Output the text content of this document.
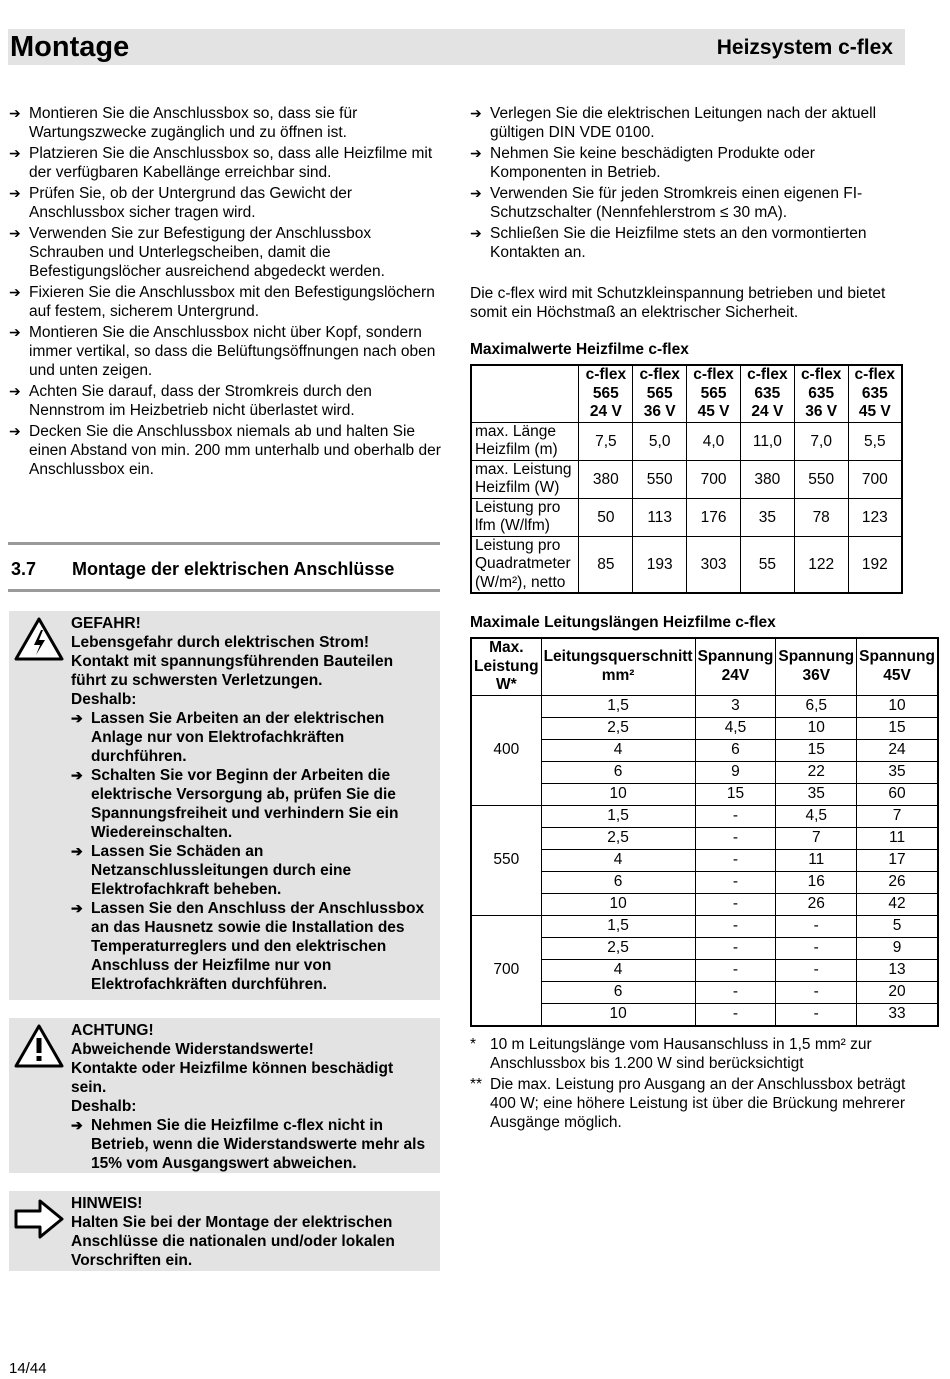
Montage	Heizsystem c-flex
➔ Montieren Sie die Anschlussbox so, dass sie für Wartungszwecke zugänglich und zu öffnen ist.
➔ Platzieren Sie die Anschlussbox so, dass alle Heizfilme mit der verfügbaren Kabellänge erreichbar sind.
➔ Prüfen Sie, ob der Untergrund das Gewicht der Anschlussbox sicher tragen wird.
➔ Verwenden Sie zur Befestigung der Anschlussbox Schrauben und Unterlegscheiben, damit die Befestigungslöcher ausreichend abgedeckt werden.
➔ Fixieren Sie die Anschlussbox mit den Befestigungslöchern auf festem, sicherem Untergrund.
➔ Montieren Sie die Anschlussbox nicht über Kopf, sondern immer vertikal, so dass die Belüftungsöffnungen nach oben und unten zeigen.
➔ Achten Sie darauf, dass der Stromkreis durch den Nennstrom im Heizbetrieb nicht überlastet wird.
➔ Decken Sie die Anschlussbox niemals ab und halten Sie einen Abstand von min. 200 mm unterhalb und oberhalb der Anschlussbox ein.
3.7 Montage der elektrischen Anschlüsse
GEFAHR!
Lebensgefahr durch elektrischen Strom!
Kontakt mit spannungsführenden Bauteilen führt zu schwersten Verletzungen.
Deshalb:
➔ Lassen Sie Arbeiten an der elektrischen Anlage nur von Elektrofachkräften durchführen.
➔ Schalten Sie vor Beginn der Arbeiten die elektrische Versorgung ab, prüfen Sie die Spannungsfreiheit und verhindern Sie ein Wiedereinschalten.
➔ Lassen Sie Schäden an Netzanschlussleitungen durch eine Elektrofachkraft beheben.
➔ Lassen Sie den Anschluss der Anschlussbox an das Hausnetz sowie die Installation des Temperaturreglers und den elektrischen Anschluss der Heizfilme nur von Elektrofachkräften durchführen.
ACHTUNG!
Abweichende Widerstandswerte!
Kontakte oder Heizfilme können beschädigt sein.
Deshalb:
➔ Nehmen Sie die Heizfilme c-flex nicht in Betrieb, wenn die Widerstandswerte mehr als 15% vom Ausgangswert abweichen.
HINWEIS!
Halten Sie bei der Montage der elektrischen Anschlüsse die nationalen und/oder lokalen Vorschriften ein.
➔ Verlegen Sie die elektrischen Leitungen nach der aktuell gültigen DIN VDE 0100.
➔ Nehmen Sie keine beschädigten Produkte oder Komponenten in Betrieb.
➔ Verwenden Sie für jeden Stromkreis einen eigenen FI-Schutzschalter (Nennfehlerstrom ≤ 30 mA).
➔ Schließen Sie die Heizfilme stets an den vormontierten Kontakten an.
Die c-flex wird mit Schutzkleinspannung betrieben und bietet somit ein Höchstmaß an elektrischer Sicherheit.
Maximalwerte Heizfilme c-flex
	c-flex
565
24 V	c-flex
565
36 V	c-flex
565
45 V	c-flex
635
24 V	c-flex
635
36 V	c-flex
635
45 V
max. Länge Heizfilm (m)	7,5	5,0	4,0	11,0	7,0	5,5
max. Leistung Heizfilm (W)	380	550	700	380	550	700
Leistung pro lfm (W/lfm)	50	113	176	35	78	123
Leistung pro Quadratmeter (W/m²), netto	85	193	303	55	122	192
Maximale Leitungslängen Heizfilme c-flex
Max. Leistung W*	Leitungsquerschnitt mm²	Spannung 24V	Spannung 36V	Spannung 45V
400	1,5	3	6,5	10
	2,5	4,5	10	15
	4	6	15	24
	6	9	22	35
	10	15	35	60
550	1,5	-	4,5	7
	2,5	-	7	11
	4	-	11	17
	6	-	16	26
	10	-	26	42
700	1,5	-	-	5
	2,5	-	-	9
	4	-	-	13
	6	-	-	20
	10	-	-	33
* 10 m Leitungslänge vom Hausanschluss in 1,5 mm² zur Anschlussbox bis 1.200 W sind berücksichtigt
** Die max. Leistung pro Ausgang an der Anschlussbox beträgt 400 W; eine höhere Leistung ist über die Brückung mehrerer Ausgänge möglich.
14/44
